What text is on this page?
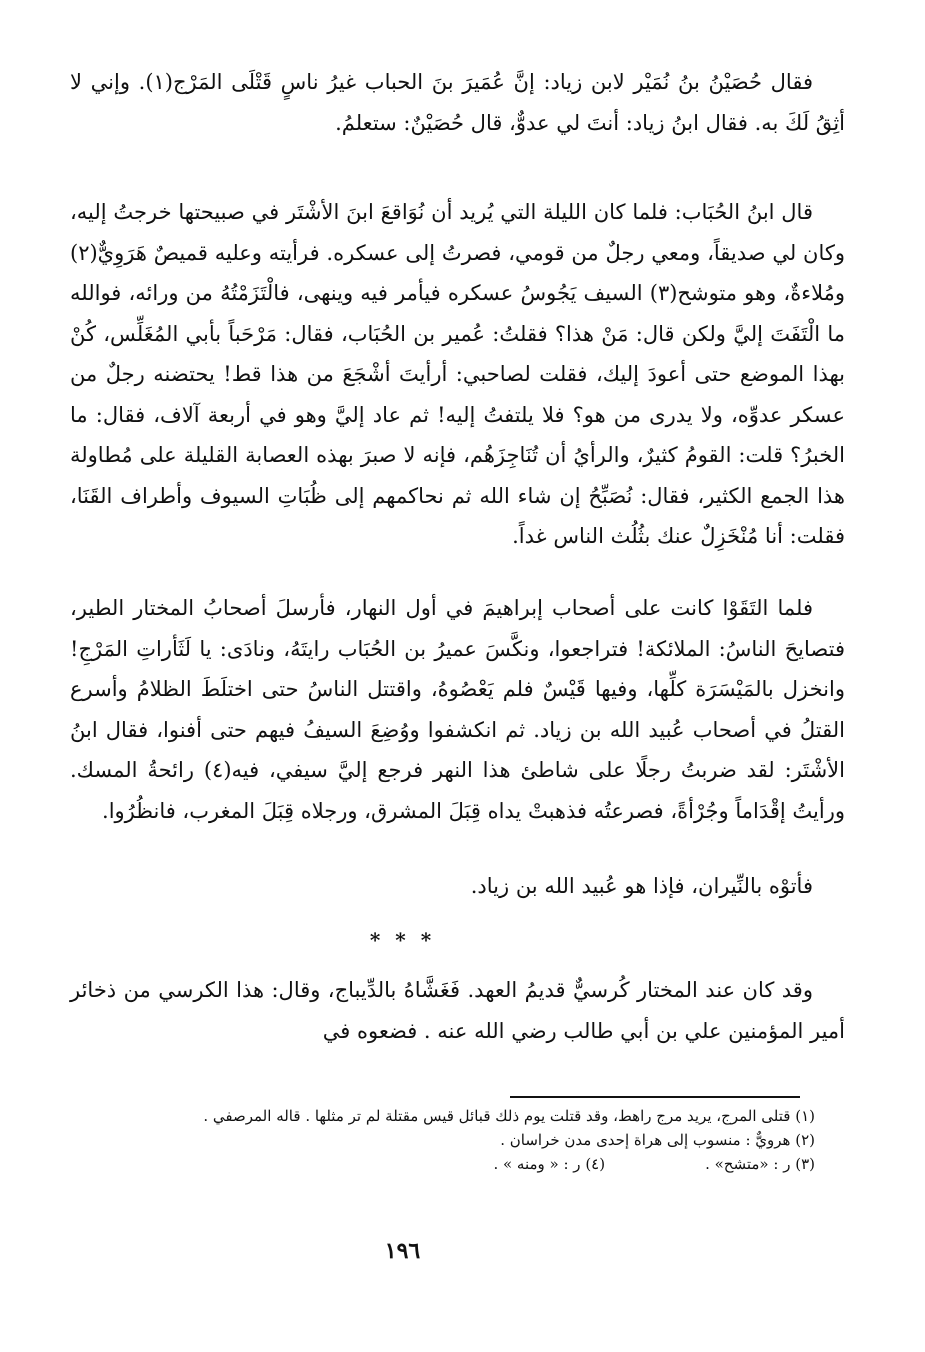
فقال حُصَيْنُ بنُ نُمَيْر لابن زياد: إنَّ عُمَيرَ بنَ الحباب غيرُ ناسٍ قَتْلَى المَرْج(١). وإني لا أثِقُ لَكَ به. فقال ابنُ زياد: أنتَ لي عدوٌّ، قال حُصَيْنٌ: ستعلمُ.

قال ابنُ الحُبَاب: فلما كان الليلة التي يُريد أن نُوَاقعَ ابنَ الأشْتَر في صبيحتها خرجتُ إليه، وكان لي صديقاً، ومعي رجلٌ من قومي، فصرتُ إلى عسكره. فرأيته وعليه قميصٌ هَرَوِيٌّ(٢) ومُلاءةٌ، وهو متوشح(٣) السيف يَجُوسُ عسكره فيأمر فيه وينهى، فالْتَزَمْتُهُ من ورائه، فوالله ما الْتَفَتَ إليَّ ولكن قال: مَنْ هذا؟ فقلتُ: عُمير بن الحُبَاب، فقال: مَرْحَباً بأبي المُغَلِّس، كُنْ بهذا الموضع حتى أعودَ إليك، فقلت لصاحبي: أرأيتَ أشْجَعَ من هذا قط! يحتضنه رجلٌ من عسكر عدوِّه، ولا يدرى من هو؟ فلا يلتفتُ إليه! ثم عاد إليَّ وهو في أربعة آلاف، فقال: ما الخبرُ؟ قلت: القومُ كثيرٌ، والرأيُ أن تُنَاجِزَهُم، فإنه لا صبرَ بهذه العصابة القليلة على مُطاولة هذا الجمع الكثير، فقال: نُصَبِّحُ إن شاء الله ثم نحاكمهم إلى ظُبَاتِ السيوف وأطراف القَنَا، فقلت: أنا مُنْخَزِلٌ عنك بثُلُث الناس غداً.

فلما التَقَوْا كانت على أصحاب إبراهيمَ في أول النهار، فأرسلَ أصحابُ المختار الطير، فتصايحَ الناسُ: الملائكة! فتراجعوا، ونكَّسَ عميرُ بن الحُبَاب رايتَهُ، ونادَى: يا لَثَأراتِ المَرْجِ! وانخزل بالمَيْسَرَة كلِّها، وفيها قَيْسٌ فلم يَعْصُوهُ، واقتتل الناسُ حتى اختلَطَ الظلامُ وأسرع القتلُ في أصحاب عُبيد الله بن زياد. ثم انكشفوا ووُضِعَ السيفُ فيهم حتى أفنوا، فقال ابنُ الأشْتَر: لقد ضربتُ رجلًا على شاطئ هذا النهر فرجع إليَّ سيفي، فيه(٤) رائحةُ المسك. ورأيتُ إقْدَاماً وجُرْأةً، فصرعتُه فذهبتْ يداه قِبَلَ المشرق، ورجلاه قِبَلَ المغرب، فانظُرُوا.

فأتوْه بالنِّيران، فإذا هو عُبيد الله بن زياد.

* * *

وقد كان عند المختار كُرسيٌّ قديمُ العهد. فَغَشَّاهُ بالدِّيباج، وقال: هذا الكرسي من ذخائر أمير المؤمنين علي بن أبي طالب رضي الله عنه . فضعوه في

(١) قتلى المرج، يريد مرج راهط، وقد قتلت يوم ذلك قبائل قيس مقتلة لم تر مثلها . قاله المرصفي .

(٢) هرويٌّ : منسوب إلى هراة إحدى مدن خراسان .

(٣) ر : «متشح» .

(٤) ر : « ومنه » .

١٩٦
